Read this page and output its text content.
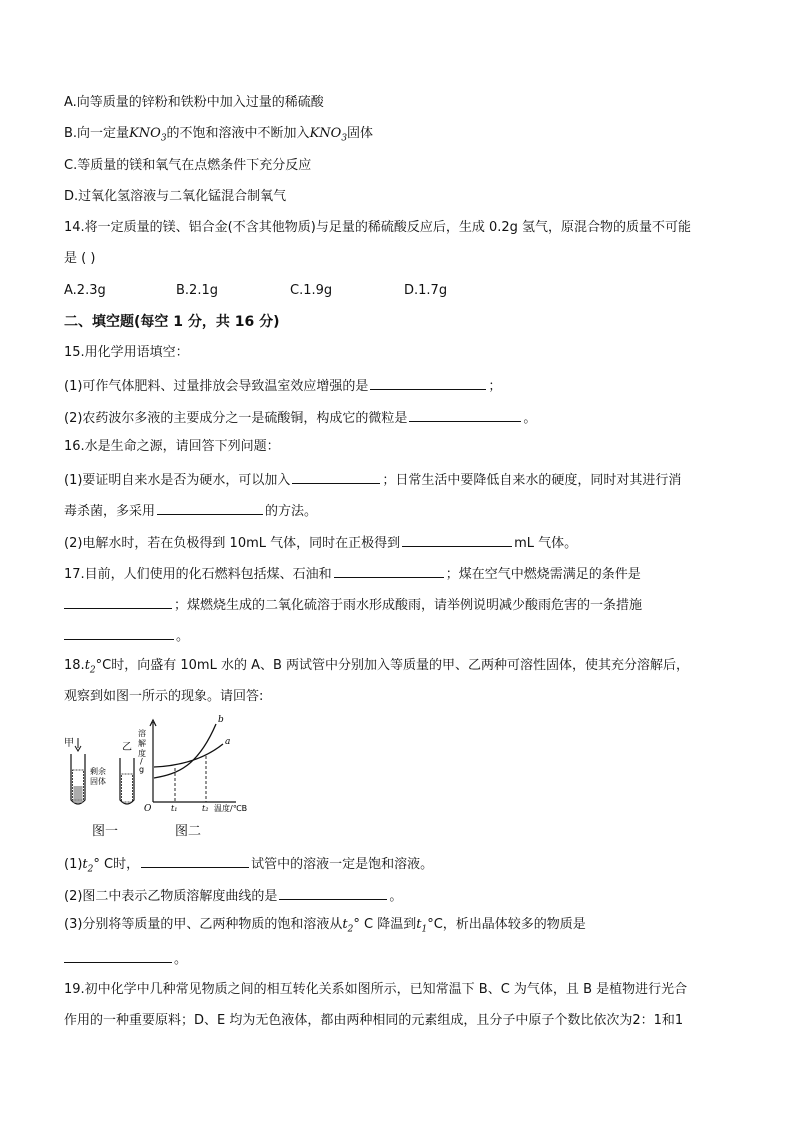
A.向等质量的锌粉和铁粉中加入过量的稀硫酸
B.向一定量$KNO_3$的不饱和溶液中不断加入$KNO_3$固体
C.等质量的镁和氧气在点燃条件下充分反应
D.过氧化氢溶液与二氧化锰混合制氧气
14.将一定质量的镁、铝合金(不含其他物质)与足量的稀硫酸反应后，生成 0.2g 氢气，原混合物的质量不可能
是 ( )
A.2.3g	B.2.1g	C.1.9g	D.1.7g
二、填空题(每空 1 分，共 16 分)
15.用化学用语填空：
(1)可作气体肥料、过量排放会导致温室效应增强的是	；
(2)农药波尔多液的主要成分之一是硫酸铜，构成它的微粒是	。
16.水是生命之源，请回答下列问题：
(1)要证明自来水是否为硬水，可以加入	；日常生活中要降低自来水的硬度，同时对其进行消
毒杀菌，多采用	的方法。
(2)电解水时，若在负极得到 10mL 气体，同时在正极得到	mL 气体。
17.目前，人们使用的化石燃料包括煤、石油和	；煤在空气中燃烧需满足的条件是
；煤燃烧生成的二氧化硫溶于雨水形成酸雨，请举例说明减少酸雨危害的一条措施
。
$18.t_2^\circ C$时，向盛有 10mL 水的 A、B 两试管中分别加入等质量的甲、乙两种可溶性固体，使其充分溶解后，
观察到如图一所示的现象。请回答:
甲
剩 余
固 体
乙
溶
解
度
/
g
O
b
a
t₁	t₂ 温度/℃B
图一	图二
$(1)t_2^\circ$ C时，	试管中的溶液一定是饱和溶液。
(2)图二中表示乙物质溶解度曲线的是	。
(3)分别将等质量的甲、乙两种物质的饱和溶液从$t_2^\circ$ C 降温到$t_1^\circ C$，析出晶体较多的物质是
。
19.初中化学中几种常见物质之间的相互转化关系如图所示，已知常温下 B、C 为气体，且 B 是植物进行光合
作用的一种重要原料；D、E 均为无色液体，都由两种相同的元素组成，且分子中原子个数比依次为2：1和1
